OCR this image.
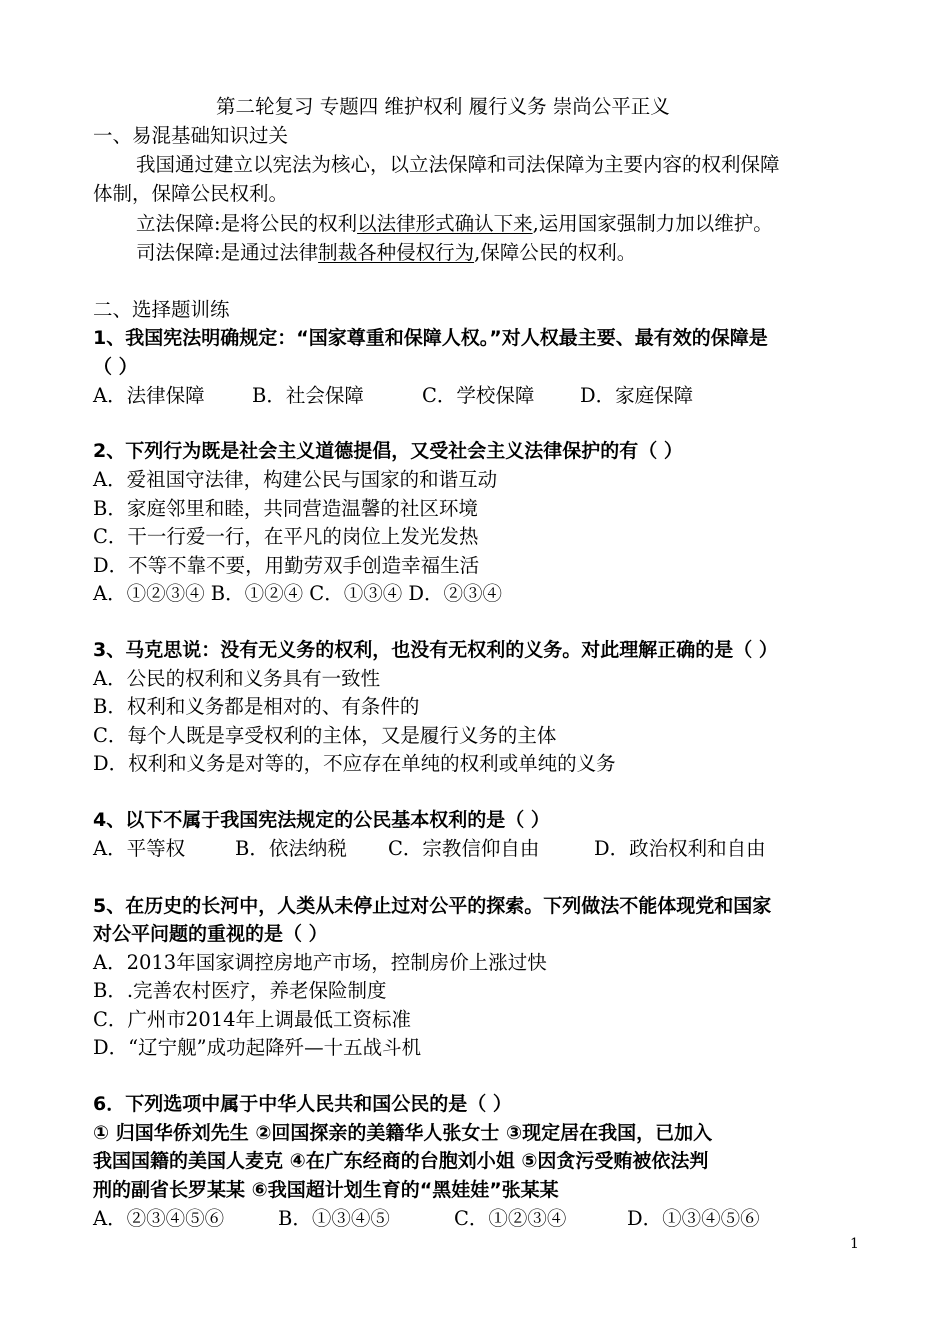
第二轮复习 专题四 维护权利 履行义务 崇尚公平正义
一、易混基础知识过关
我国通过建立以宪法为核心，以立法保障和司法保障为主要内容的权利保障
体制，保障公民权利。
立法保障:是将公民的权利以法律形式确认下来,运用国家强制力加以维护。
司法保障:是通过法律制裁各种侵权行为,保障公民的权利。
二、选择题训练
1、我国宪法明确规定：“国家尊重和保障人权。”对人权最主要、最有效的保障是
（ ）
A．法律保障 B．社会保障	C．学校保障 D．家庭保障
2、下列行为既是社会主义道德提倡，又受社会主义法律保护的有（ ）
A．爱祖国守法律，构建公民与国家的和谐互动
B．家庭邻里和睦，共同营造温馨的社区环境
C．干一行爱一行，在平凡的岗位上发光发热
D．不等不靠不要，用勤劳双手创造幸福生活
A．①②③④ B．①②④ C．①③④ D．②③④
3、马克思说：没有无义务的权利，也没有无权利的义务。对此理解正确的是（ ）
A．公民的权利和义务具有一致性
B．权利和义务都是相对的、有条件的
C．每个人既是享受权利的主体，又是履行义务的主体
D．权利和义务是对等的，不应存在单纯的权利或单纯的义务
4、以下不属于我国宪法规定的公民基本权利的是（ ）
A．平等权	B．依法纳税 C．宗教信仰自由	D．政治权利和自由
5、在历史的长河中，人类从未停止过对公平的探索。下列做法不能体现党和国家
对公平问题的重视的是（ ）
A．2013年国家调控房地产市场，控制房价上涨过快
B．.完善农村医疗，养老保险制度
C．广州市2014年上调最低工资标准
D．“辽宁舰”成功起降歼—十五战斗机
6．下列选项中属于中华人民共和国公民的是（ ）
① 归国华侨刘先生 ②回国探亲的美籍华人张女士 ③现定居在我国，已加入
我国国籍的美国人麦克 ④在广东经商的台胞刘小姐 ⑤因贪污受贿被依法判
刑的副省长罗某某 ⑥我国超计划生育的“黑娃娃”张某某
A．②③④⑤⑥	B．①③④⑤	C．①②③④	D．①③④⑤⑥
1
